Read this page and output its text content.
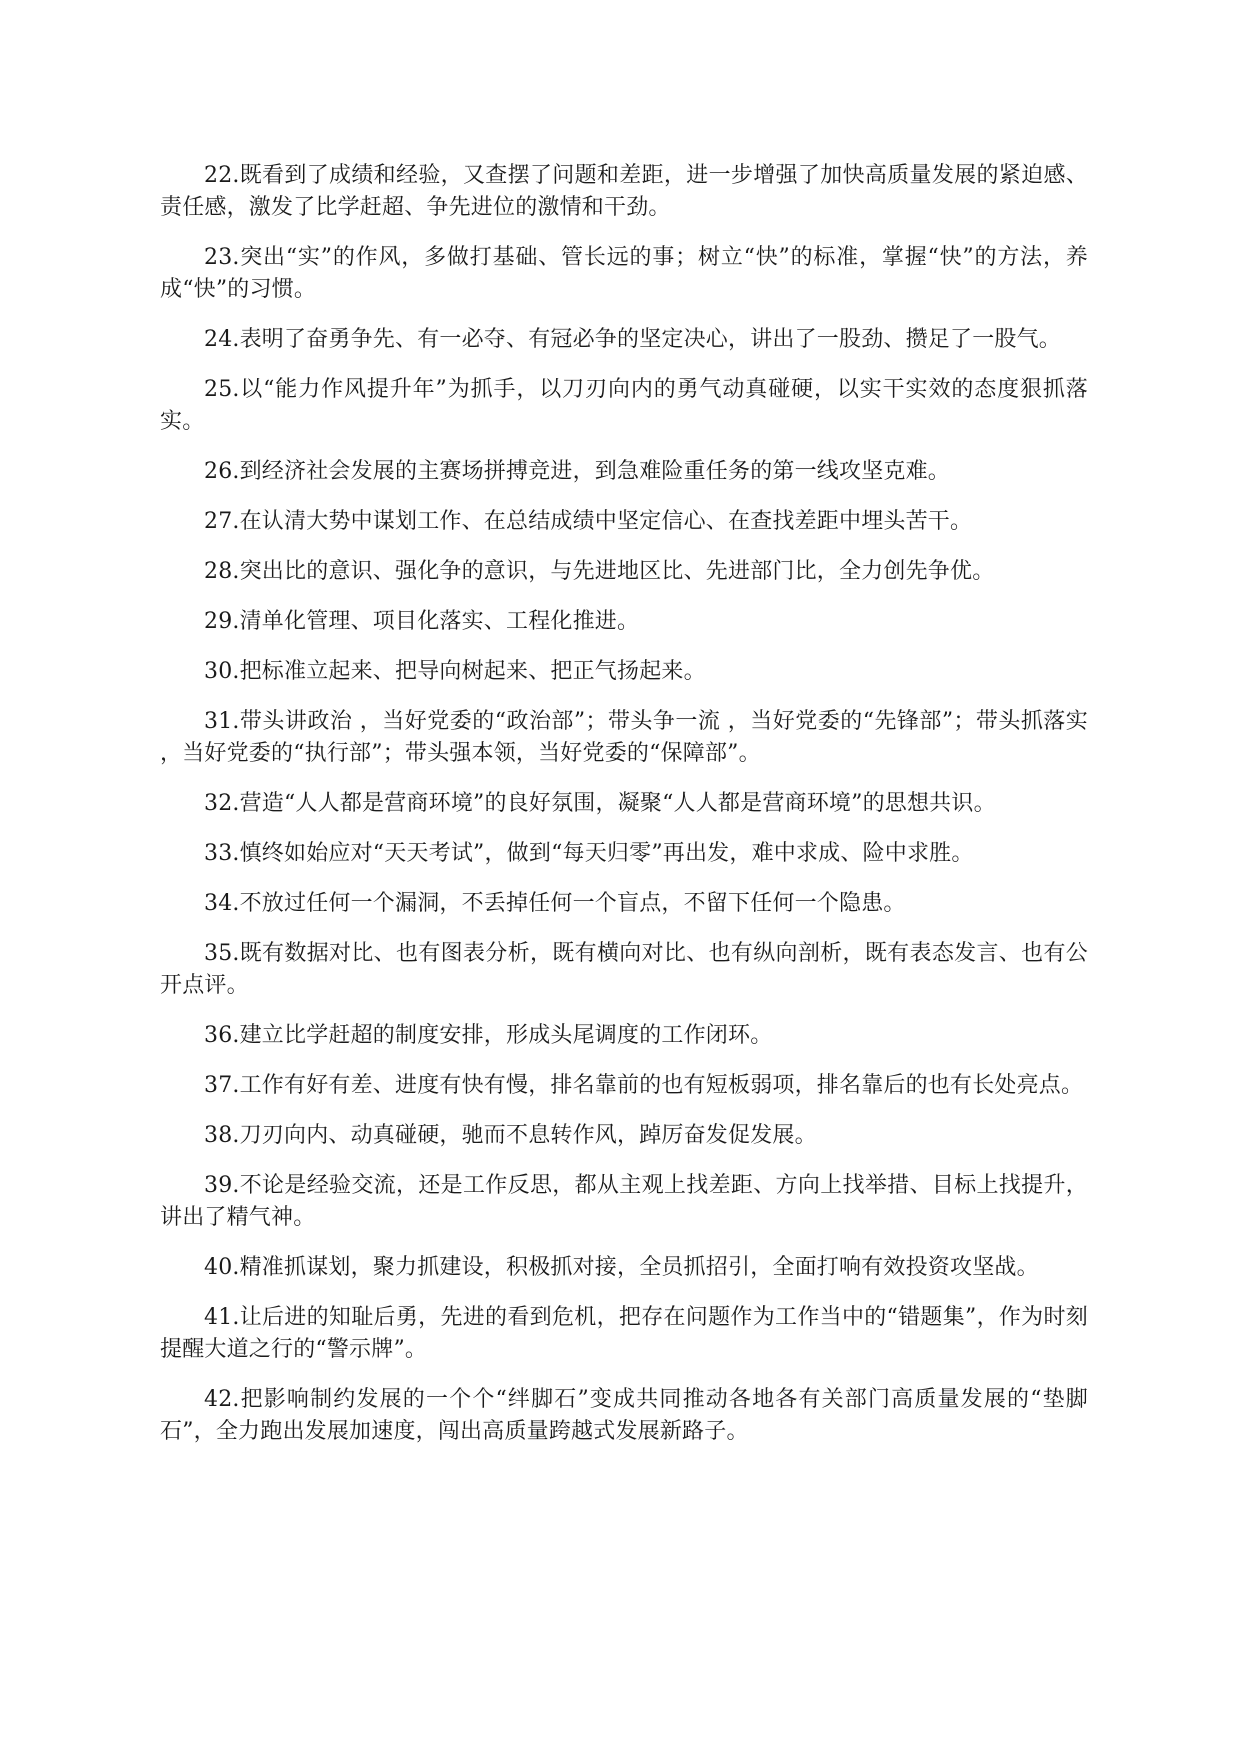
22.既看到了成绩和经验，又查摆了问题和差距，进一步增强了加快高质量发展的紧迫感、责任感，激发了比学赶超、争先进位的激情和干劲。

23.突出“实”的作风，多做打基础、管长远的事；树立“快”的标准，掌握“快”的方法，养成“快”的习惯。

24.表明了奋勇争先、有一必夺、有冠必争的坚定决心，讲出了一股劲、攒足了一股气。

25.以“能力作风提升年”为抓手，以刀刃向内的勇气动真碰硬，以实干实效的态度狠抓落实。

26.到经济社会发展的主赛场拼搏竞进，到急难险重任务的第一线攻坚克难。

27.在认清大势中谋划工作、在总结成绩中坚定信心、在查找差距中埋头苦干。

28.突出比的意识、强化争的意识，与先进地区比、先进部门比，全力创先争优。

29.清单化管理、项目化落实、工程化推进。

30.把标准立起来、把导向树起来、把正气扬起来。

31.带头讲政治 ，当好党委的“政治部”；带头争一流 ，当好党委的“先锋部”；带头抓落实 ，当好党委的“执行部”；带头强本领，当好党委的“保障部”。

32.营造“人人都是营商环境”的良好氛围，凝聚“人人都是营商环境”的思想共识。

33.慎终如始应对“天天考试”，做到“每天归零”再出发，难中求成、险中求胜。

34.不放过任何一个漏洞，不丢掉任何一个盲点，不留下任何一个隐患。

35.既有数据对比、也有图表分析，既有横向对比、也有纵向剖析，既有表态发言、也有公开点评。

36.建立比学赶超的制度安排，形成头尾调度的工作闭环。

37.工作有好有差、进度有快有慢，排名靠前的也有短板弱项，排名靠后的也有长处亮点。

38.刀刃向内、动真碰硬，驰而不息转作风，踔厉奋发促发展。

39.不论是经验交流，还是工作反思，都从主观上找差距、方向上找举措、目标上找提升，讲出了精气神。

40.精准抓谋划，聚力抓建设，积极抓对接，全员抓招引，全面打响有效投资攻坚战。

41.让后进的知耻后勇，先进的看到危机，把存在问题作为工作当中的“错题集”，作为时刻提醒大道之行的“警示牌”。

42.把影响制约发展的一个个“绊脚石”变成共同推动各地各有关部门高质量发展的“垫脚石”，全力跑出发展加速度，闯出高质量跨越式发展新路子。
